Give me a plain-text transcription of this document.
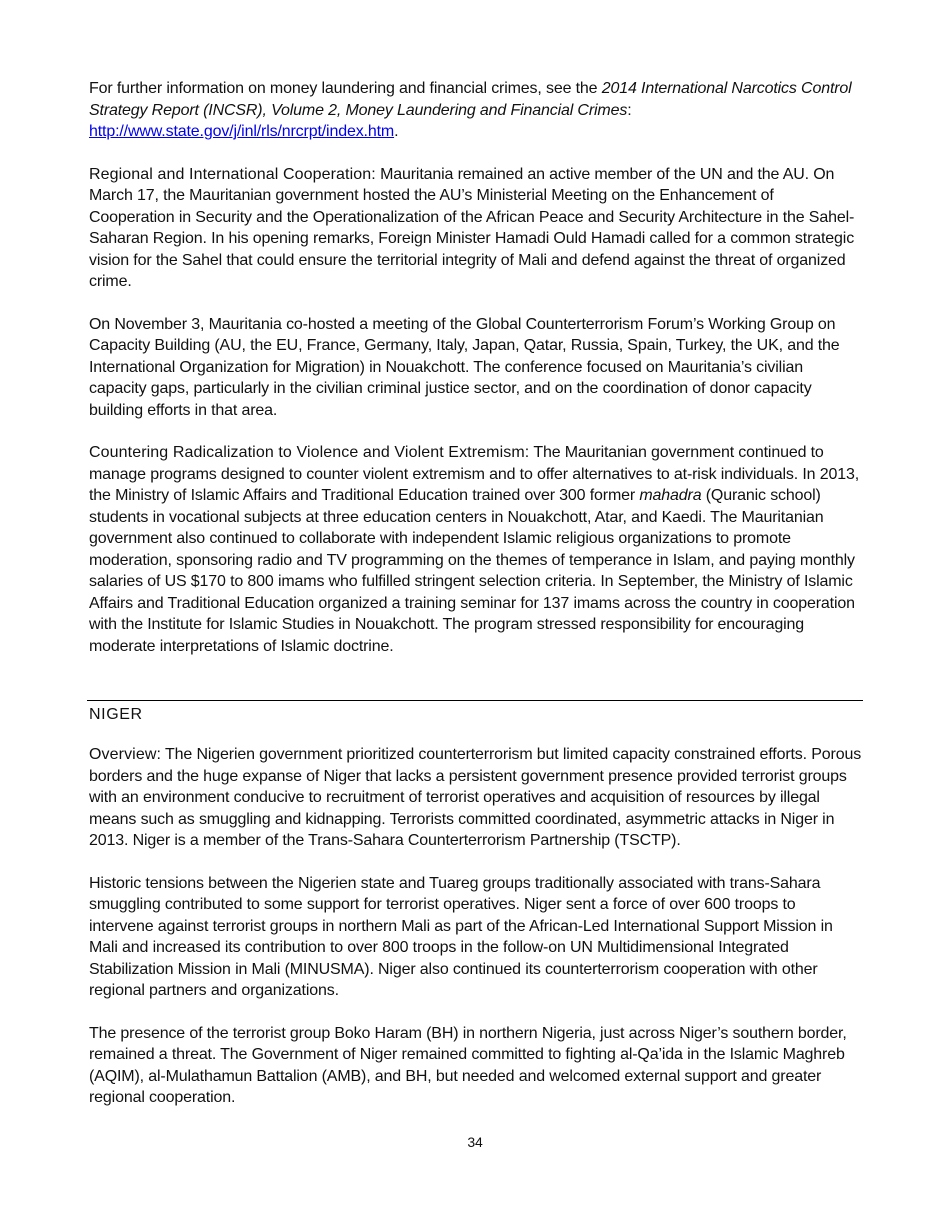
For further information on money laundering and financial crimes, see the 2014 International Narcotics Control Strategy Report (INCSR), Volume 2, Money Laundering and Financial Crimes: http://www.state.gov/j/inl/rls/nrcrpt/index.htm.

Regional and International Cooperation: Mauritania remained an active member of the UN and the AU. On March 17, the Mauritanian government hosted the AU’s Ministerial Meeting on the Enhancement of Cooperation in Security and the Operationalization of the African Peace and Security Architecture in the Sahel-Saharan Region. In his opening remarks, Foreign Minister Hamadi Ould Hamadi called for a common strategic vision for the Sahel that could ensure the territorial integrity of Mali and defend against the threat of organized crime.

On November 3, Mauritania co-hosted a meeting of the Global Counterterrorism Forum’s Working Group on Capacity Building (AU, the EU, France, Germany, Italy, Japan, Qatar, Russia, Spain, Turkey, the UK, and the International Organization for Migration) in Nouakchott. The conference focused on Mauritania’s civilian capacity gaps, particularly in the civilian criminal justice sector, and on the coordination of donor capacity building efforts in that area.

Countering Radicalization to Violence and Violent Extremism: The Mauritanian government continued to manage programs designed to counter violent extremism and to offer alternatives to at-risk individuals. In 2013, the Ministry of Islamic Affairs and Traditional Education trained over 300 former mahadra (Quranic school) students in vocational subjects at three education centers in Nouakchott, Atar, and Kaedi. The Mauritanian government also continued to collaborate with independent Islamic religious organizations to promote moderation, sponsoring radio and TV programming on the themes of temperance in Islam, and paying monthly salaries of US $170 to 800 imams who fulfilled stringent selection criteria. In September, the Ministry of Islamic Affairs and Traditional Education organized a training seminar for 137 imams across the country in cooperation with the Institute for Islamic Studies in Nouakchott. The program stressed responsibility for encouraging moderate interpretations of Islamic doctrine.

NIGER

Overview: The Nigerien government prioritized counterterrorism but limited capacity constrained efforts. Porous borders and the huge expanse of Niger that lacks a persistent government presence provided terrorist groups with an environment conducive to recruitment of terrorist operatives and acquisition of resources by illegal means such as smuggling and kidnapping. Terrorists committed coordinated, asymmetric attacks in Niger in 2013. Niger is a member of the Trans-Sahara Counterterrorism Partnership (TSCTP).

Historic tensions between the Nigerien state and Tuareg groups traditionally associated with trans-Sahara smuggling contributed to some support for terrorist operatives. Niger sent a force of over 600 troops to intervene against terrorist groups in northern Mali as part of the African-Led International Support Mission in Mali and increased its contribution to over 800 troops in the follow-on UN Multidimensional Integrated Stabilization Mission in Mali (MINUSMA). Niger also continued its counterterrorism cooperation with other regional partners and organizations.

The presence of the terrorist group Boko Haram (BH) in northern Nigeria, just across Niger’s southern border, remained a threat. The Government of Niger remained committed to fighting al-Qa’ida in the Islamic Maghreb (AQIM), al-Mulathamun Battalion (AMB), and BH, but needed and welcomed external support and greater regional cooperation.

34
